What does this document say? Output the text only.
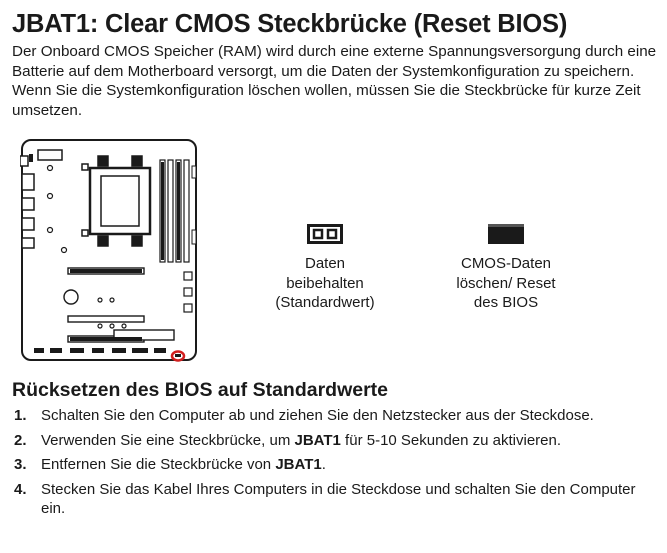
JBAT1: Clear CMOS Steckbrücke (Reset BIOS)

Der Onboard CMOS Speicher (RAM) wird durch eine externe Spannungsversorgung durch eine Batterie auf dem Motherboard versorgt, um die Daten der Systemkonfiguration zu speichern. Wenn Sie die Systemkonfiguration löschen wollen, müssen Sie die Steckbrücke für kurze Zeit umsetzen.

Daten
beibehalten
(Standardwert)
CMOS-Daten
löschen/ Reset
des BIOS
Rücksetzen des BIOS auf Standardwerte
1. Schalten Sie den Computer ab und ziehen Sie den Netzstecker aus der Steckdose.
2. Verwenden Sie eine Steckbrücke, um JBAT1 für 5-10 Sekunden zu aktivieren.
3. Entfernen Sie die Steckbrücke von JBAT1.
4. Stecken Sie das Kabel Ihres Computers in die Steckdose und schalten Sie den Computer ein.
